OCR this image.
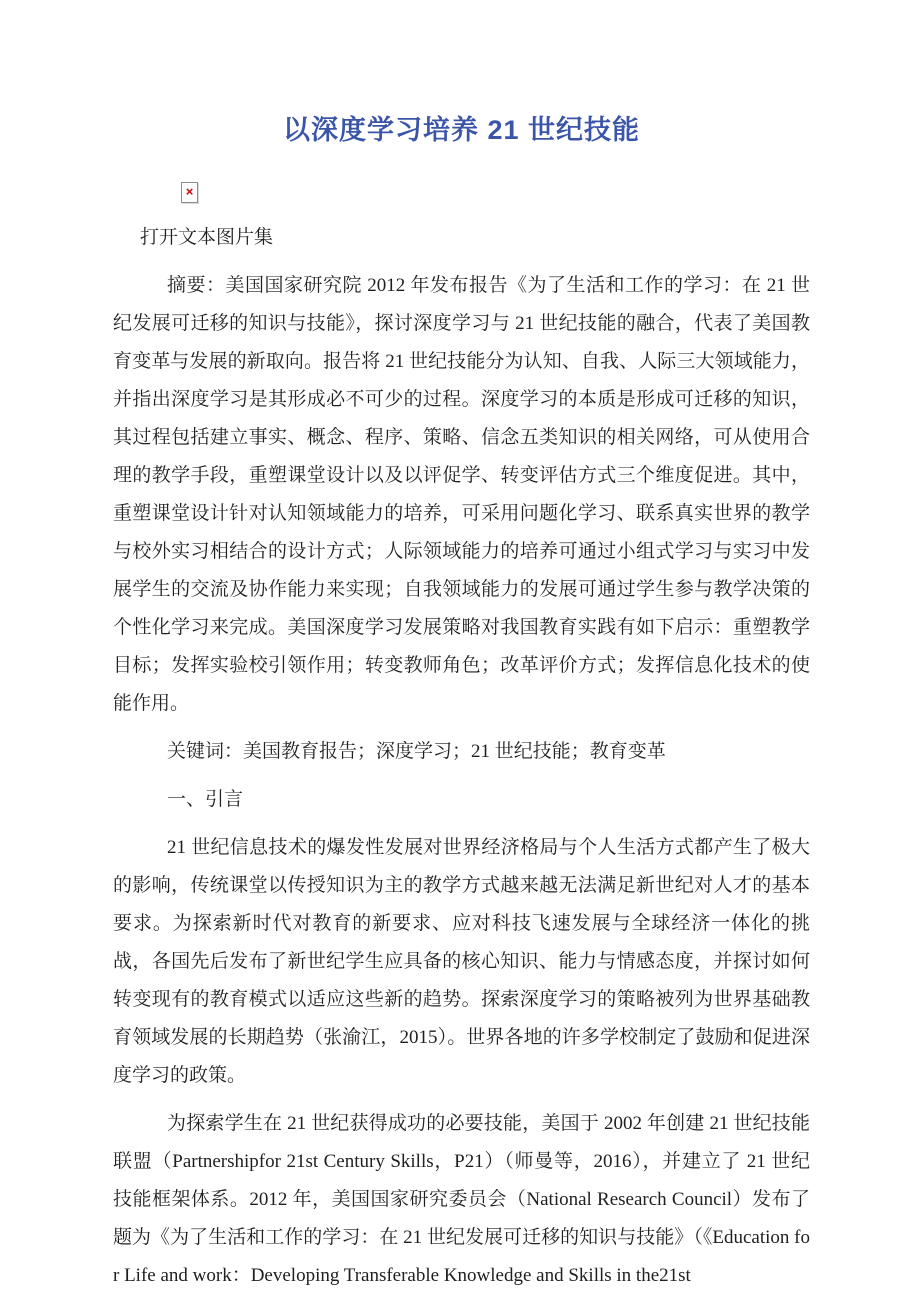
以深度学习培养 21 世纪技能
×
打开文本图片集

摘要：美国国家研究院 2012 年发布报告《为了生活和工作的学习：在 21 世纪发展可迁移的知识与技能》，探讨深度学习与 21 世纪技能的融合，代表了美国教育变革与发展的新取向。报告将 21 世纪技能分为认知、自我、人际三大领域能力，并指出深度学习是其形成必不可少的过程。深度学习的本质是形成可迁移的知识，其过程包括建立事实、概念、程序、策略、信念五类知识的相关网络，可从使用合理的教学手段，重塑课堂设计以及以评促学、转变评估方式三个维度促进。其中，重塑课堂设计针对认知领域能力的培养，可采用问题化学习、联系真实世界的教学与校外实习相结合的设计方式；人际领域能力的培养可通过小组式学习与实习中发展学生的交流及协作能力来实现；自我领域能力的发展可通过学生参与教学决策的个性化学习来完成。美国深度学习发展策略对我国教育实践有如下启示：重塑教学目标；发挥实验校引领作用；转变教师角色；改革评价方式；发挥信息化技术的使能作用。

关键词：美国教育报告；深度学习；21 世纪技能；教育变革

一、引言

21 世纪信息技术的爆发性发展对世界经济格局与个人生活方式都产生了极大的影响，传统课堂以传授知识为主的教学方式越来越无法满足新世纪对人才的基本要求。为探索新时代对教育的新要求、应对科技飞速发展与全球经济一体化的挑战，各国先后发布了新世纪学生应具备的核心知识、能力与情感态度，并探讨如何转变现有的教育模式以适应这些新的趋势。探索深度学习的策略被列为世界基础教育领域发展的长期趋势（张渝江，2015）。世界各地的许多学校制定了鼓励和促进深度学习的政策。

为探索学生在 21 世纪获得成功的必要技能，美国于 2002 年创建 21 世纪技能联盟（Partnershipfor 21st Century Skills，P21）（师曼等，2016），并建立了 21 世纪技能框架体系。2012 年，美国国家研究委员会（National Research Council）发布了题为《为了生活和工作的学习：在 21 世纪发展可迁移的知识与技能》（《Education for Life and work：Developing Transferable Knowledge and Skills in the21st
